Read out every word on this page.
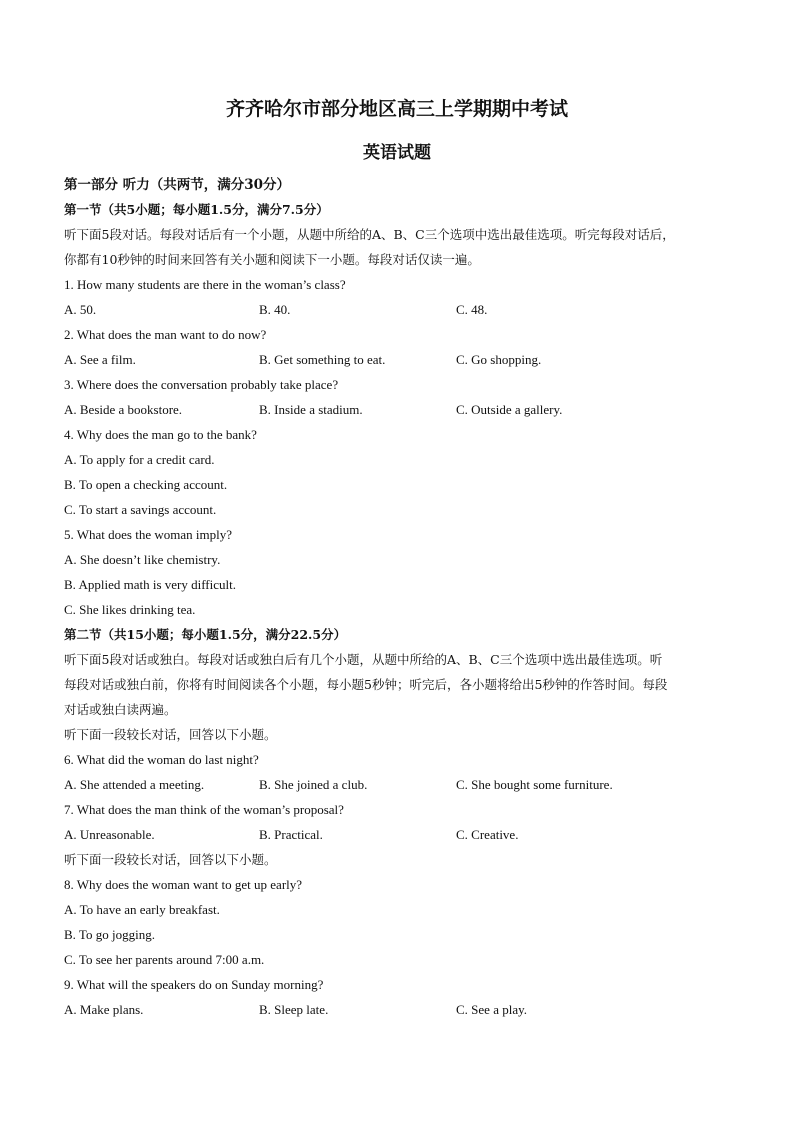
齐齐哈尔市部分地区高三上学期期中考试
英语试题
第一部分 听力（共两节，满分30分）
第一节（共5小题；每小题1.5分，满分7.5分）
听下面5段对话。每段对话后有一个小题，从题中所给的A、B、C三个选项中选出最佳选项。听完每段对话后，
你都有10秒钟的时间来回答有关小题和阅读下一小题。每段对话仅读一遍。
1. How many students are there in the woman’s class?
A. 50.	B. 40.	C. 48.
2. What does the man want to do now?
A. See a film.	B. Get something to eat.	C. Go shopping.
3. Where does the conversation probably take place?
A. Beside a bookstore.	B. Inside a stadium.	C. Outside a gallery.
4. Why does the man go to the bank?
A. To apply for a credit card.
B. To open a checking account.
C. To start a savings account.
5. What does the woman imply?
A. She doesn’t like chemistry.
B. Applied math is very difficult.
C. She likes drinking tea.
第二节（共15小题；每小题1.5分，满分22.5分）
听下面5段对话或独白。每段对话或独白后有几个小题，从题中所给的A、B、C三个选项中选出最佳选项。听
每段对话或独白前，你将有时间阅读各个小题，每小题5秒钟；听完后，各小题将给出5秒钟的作答时间。每段
对话或独白读两遍。
听下面一段较长对话，回答以下小题。
6. What did the woman do last night?
A. She attended a meeting.	B. She joined a club.	C. She bought some furniture.
7. What does the man think of the woman’s proposal?
A. Unreasonable.	B. Practical.	C. Creative.
听下面一段较长对话，回答以下小题。
8. Why does the woman want to get up early?
A. To have an early breakfast.
B. To go jogging.
C. To see her parents around 7:00 a.m.
9. What will the speakers do on Sunday morning?
A. Make plans.	B. Sleep late.	C. See a play.
